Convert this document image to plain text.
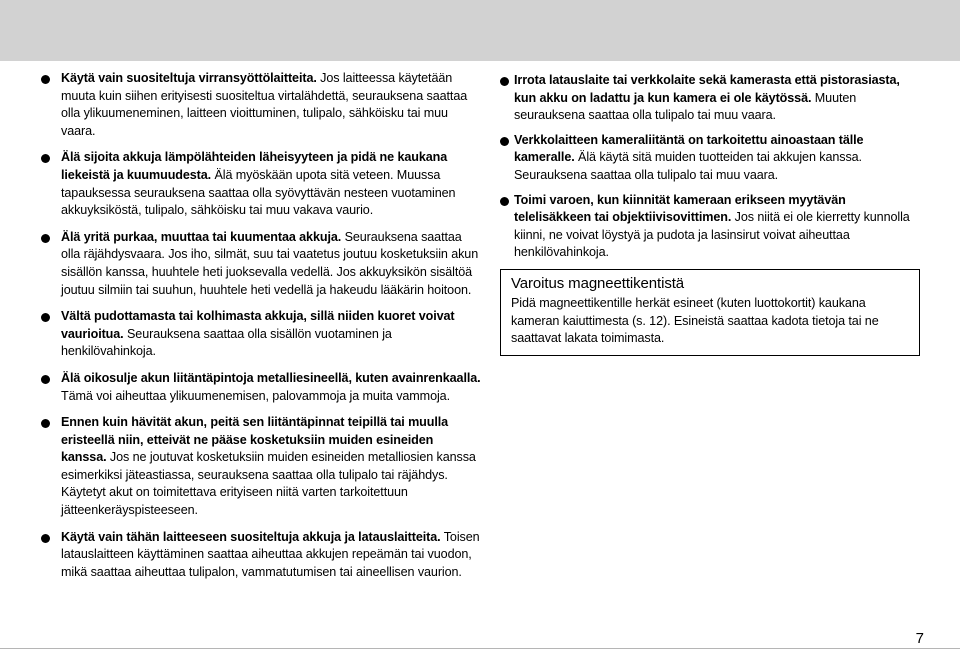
Käytä vain suositeltuja virransyöttölaitteita. Jos laitteessa käytetään muuta kuin siihen erityisesti suositeltua virtalähdettä, seurauksena saattaa olla ylikuumeneminen, laitteen vioittuminen, tulipalo, sähköisku tai muu vaara.
Älä sijoita akkuja lämpölähteiden läheisyyteen ja pidä ne kaukana liekeistä ja kuumuudesta. Älä myöskään upota sitä veteen. Muussa tapauksessa seurauksena saattaa olla syövyttävän nesteen vuotaminen akkuyksiköstä, tulipalo, sähköisku tai muu vakava vaurio.
Älä yritä purkaa, muuttaa tai kuumentaa akkuja. Seurauksena saattaa olla räjähdysvaara. Jos iho, silmät, suu tai vaatetus joutuu kosketuksiin akun sisällön kanssa, huuhtele heti juoksevalla vedellä. Jos akkuyksikön sisältöä joutuu silmiin tai suuhun, huuhtele heti vedellä ja hakeudu lääkärin hoitoon.
Vältä pudottamasta tai kolhimasta akkuja, sillä niiden kuoret voivat vaurioitua. Seurauksena saattaa olla sisällön vuotaminen ja henkilövahinkoja.
Älä oikosulje akun liitäntäpintoja metalliesineellä, kuten avainrenkaalla. Tämä voi aiheuttaa ylikuumenemisen, palovammoja ja muita vammoja.
Ennen kuin hävität akun, peitä sen liitäntäpinnat teipillä tai muulla eristeellä niin, etteivät ne pääse kosketuksiin muiden esineiden kanssa. Jos ne joutuvat kosketuksiin muiden esineiden metalliosien kanssa esimerkiksi jäteastiassa, seurauksena saattaa olla tulipalo tai räjähdys. Käytetyt akut on toimitettava erityiseen niitä varten tarkoitettuun jätteenkeräyspisteeseen.
Käytä vain tähän laitteeseen suositeltuja akkuja ja latauslaitteita. Toisen latauslaitteen käyttäminen saattaa aiheuttaa akkujen repeämän tai vuodon, mikä saattaa aiheuttaa tulipalon, vammatutumisen tai aineellisen vaurion.
Irrota latauslaite tai verkkolaite sekä kamerasta että pistorasiasta, kun akku on ladattu ja kun kamera ei ole käytössä. Muuten seurauksena saattaa olla tulipalo tai muu vaara.
Verkkolaitteen kameraliitäntä on tarkoitettu ainoastaan tälle kameralle. Älä käytä sitä muiden tuotteiden tai akkujen kanssa. Seurauksena saattaa olla tulipalo tai muu vaara.
Toimi varoen, kun kiinnität kameraan erikseen myytävän telelisäkkeen tai objektiivisovittimen. Jos niitä ei ole kierretty kunnolla kiinni, ne voivat löystyä ja pudota ja lasinsirut voivat aiheuttaa henkilövahinkoja.
Varoitus magneettikentistä
Pidä magneettikentille herkät esineet (kuten luottokortit) kaukana kameran kaiuttimesta (s. 12). Esineistä saattaa kadota tietoja tai ne saattavat lakata toimimasta.
7
